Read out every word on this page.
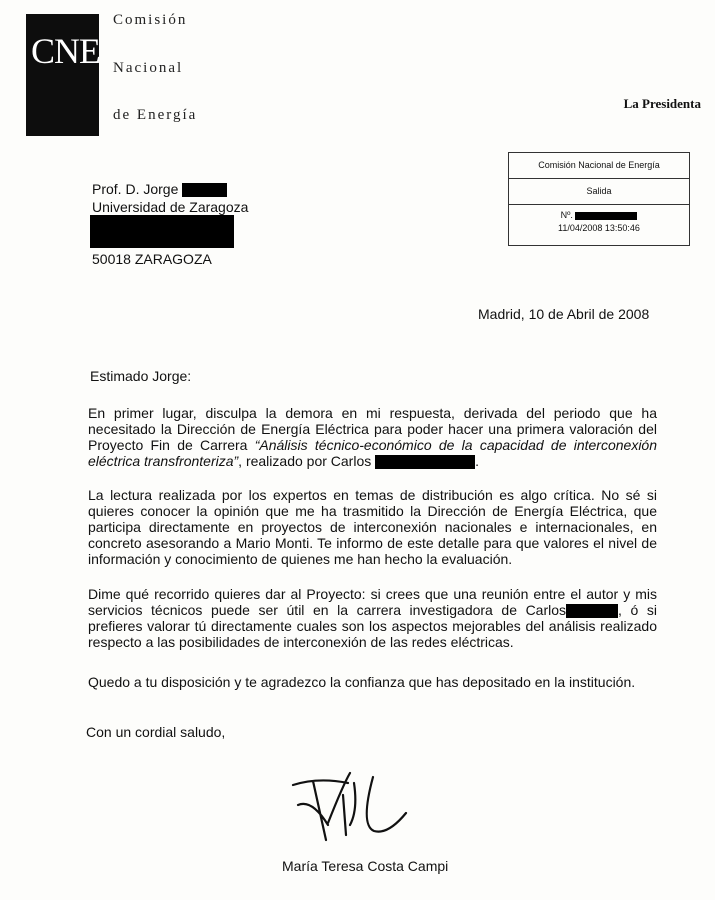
CNE
Comisión
Nacional
de Energía
La Presidenta
Comisión Nacional de Energía
Salida
Nº.
11/04/2008 13:50:46
Prof. D. Jorge
Universidad de Zaragoza
50018 ZARAGOZA
Madrid, 10 de Abril de 2008
Estimado Jorge:
En primer lugar, disculpa la demora en mi respuesta, derivada del periodo que ha necesitado la Dirección de Energía Eléctrica para poder hacer una primera valoración del Proyecto Fin de Carrera “Análisis técnico-económico de la capacidad de interconexión eléctrica transfronteriza”, realizado por Carlos	.
La lectura realizada por los expertos en temas de distribución es algo crítica. No sé si quieres conocer la opinión que me ha trasmitido la Dirección de Energía Eléctrica, que participa directamente en proyectos de interconexión nacionales e internacionales, en concreto asesorando a Mario Monti. Te informo de este detalle para que valores el nivel de información y conocimiento de quienes me han hecho la evaluación.
Dime qué recorrido quieres dar al Proyecto: si crees que una reunión entre el autor y mis servicios técnicos puede ser útil en la carrera investigadora de Carlos	, ó si prefieres valorar tú directamente cuales son los aspectos mejorables del análisis realizado respecto a las posibilidades de interconexión de las redes eléctricas.
Quedo a tu disposición y te agradezco la confianza que has depositado en la institución.
Con un cordial saludo,
María Teresa Costa Campi
